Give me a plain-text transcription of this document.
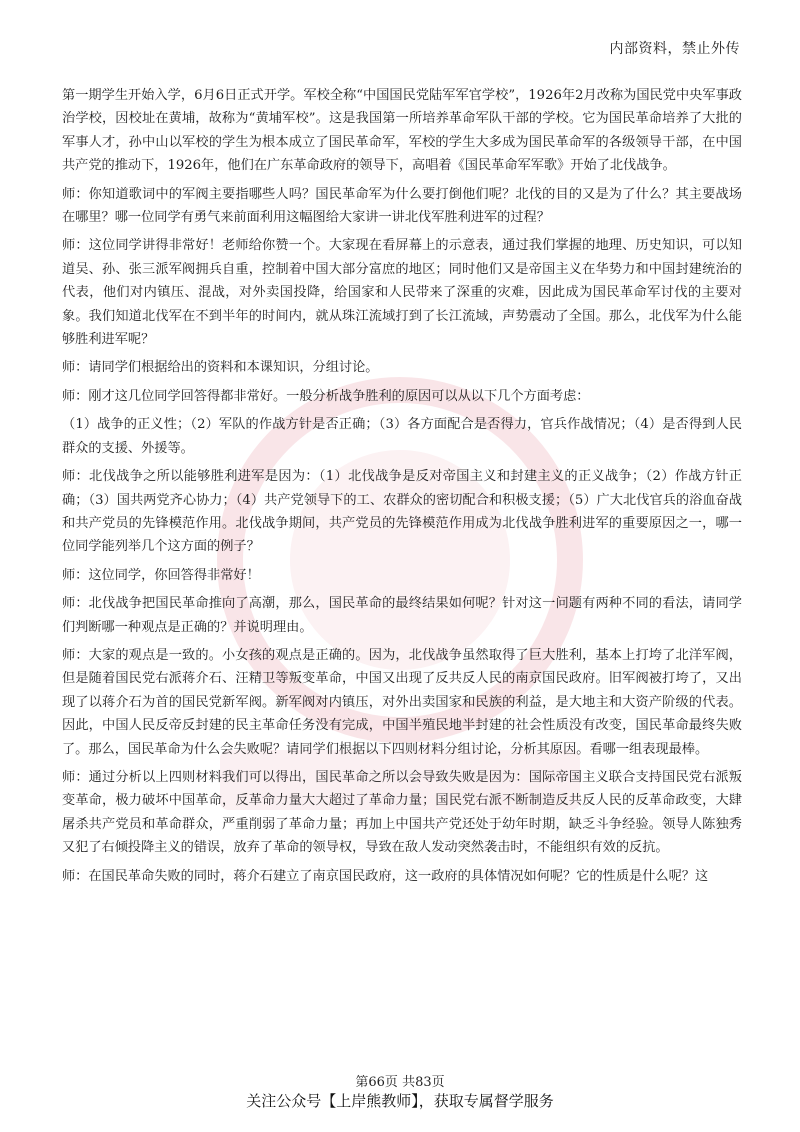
内部资料，禁止外传

第一期学生开始入学，6月6日正式开学。军校全称“中国国民党陆军军官学校”，1926年2月改称为国民党中央军事政治学校，因校址在黄埔，故称为“黄埔军校”。这是我国第一所培养革命军队干部的学校。它为国民革命培养了大批的军事人才，孙中山以军校的学生为根本成立了国民革命军，军校的学生大多成为国民革命军的各级领导干部，在中国共产党的推动下，1926年，他们在广东革命政府的领导下，高唱着《国民革命军军歌》开始了北伐战争。

师：你知道歌词中的军阀主要指哪些人吗？国民革命军为什么要打倒他们呢？北伐的目的又是为了什么？其主要战场在哪里？哪一位同学有勇气来前面利用这幅图给大家讲一讲北伐军胜利进军的过程？

师：这位同学讲得非常好！老师给你赞一个。大家现在看屏幕上的示意表，通过我们掌握的地理、历史知识，可以知道吴、孙、张三派军阀拥兵自重，控制着中国大部分富庶的地区；同时他们又是帝国主义在华势力和中国封建统治的代表，他们对内镇压、混战，对外卖国投降，给国家和人民带来了深重的灾难，因此成为国民革命军讨伐的主要对象。我们知道北伐军在不到半年的时间内，就从珠江流域打到了长江流域，声势震动了全国。那么，北伐军为什么能够胜利进军呢？

师：请同学们根据给出的资料和本课知识，分组讨论。

师：刚才这几位同学回答得都非常好。一般分析战争胜利的原因可以从以下几个方面考虑：

（1）战争的正义性；（2）军队的作战方针是否正确；（3）各方面配合是否得力，官兵作战情况；（4）是否得到人民群众的支援、外援等。

师：北伐战争之所以能够胜利进军是因为：（1）北伐战争是反对帝国主义和封建主义的正义战争；（2）作战方针正确；（3）国共两党齐心协力；（4）共产党领导下的工、农群众的密切配合和积极支援；（5）广大北伐官兵的浴血奋战和共产党员的先锋模范作用。北伐战争期间，共产党员的先锋模范作用成为北伐战争胜利进军的重要原因之一，哪一位同学能列举几个这方面的例子？

师：这位同学，你回答得非常好！

师：北伐战争把国民革命推向了高潮，那么，国民革命的最终结果如何呢？针对这一问题有两种不同的看法，请同学们判断哪一种观点是正确的？并说明理由。

师：大家的观点是一致的。小女孩的观点是正确的。因为，北伐战争虽然取得了巨大胜利，基本上打垮了北洋军阀，但是随着国民党右派蒋介石、汪精卫等叛变革命，中国又出现了反共反人民的南京国民政府。旧军阀被打垮了，又出现了以蒋介石为首的国民党新军阀。新军阀对内镇压，对外出卖国家和民族的利益，是大地主和大资产阶级的代表。因此，中国人民反帝反封建的民主革命任务没有完成，中国半殖民地半封建的社会性质没有改变，国民革命最终失败了。那么，国民革命为什么会失败呢？请同学们根据以下四则材料分组讨论，分析其原因。看哪一组表现最棒。

师：通过分析以上四则材料我们可以得出，国民革命之所以会导致失败是因为：国际帝国主义联合支持国民党右派叛变革命，极力破坏中国革命，反革命力量大大超过了革命力量；国民党右派不断制造反共反人民的反革命政变，大肆屠杀共产党员和革命群众，严重削弱了革命力量；再加上中国共产党还处于幼年时期，缺乏斗争经验。领导人陈独秀又犯了右倾投降主义的错误，放弃了革命的领导权，导致在敌人发动突然袭击时，不能组织有效的反抗。

师：在国民革命失败的同时，蒋介石建立了南京国民政府，这一政府的具体情况如何呢？它的性质是什么呢？这

第66页 共83页
关注公众号【上岸熊教师】，获取专属督学服务
